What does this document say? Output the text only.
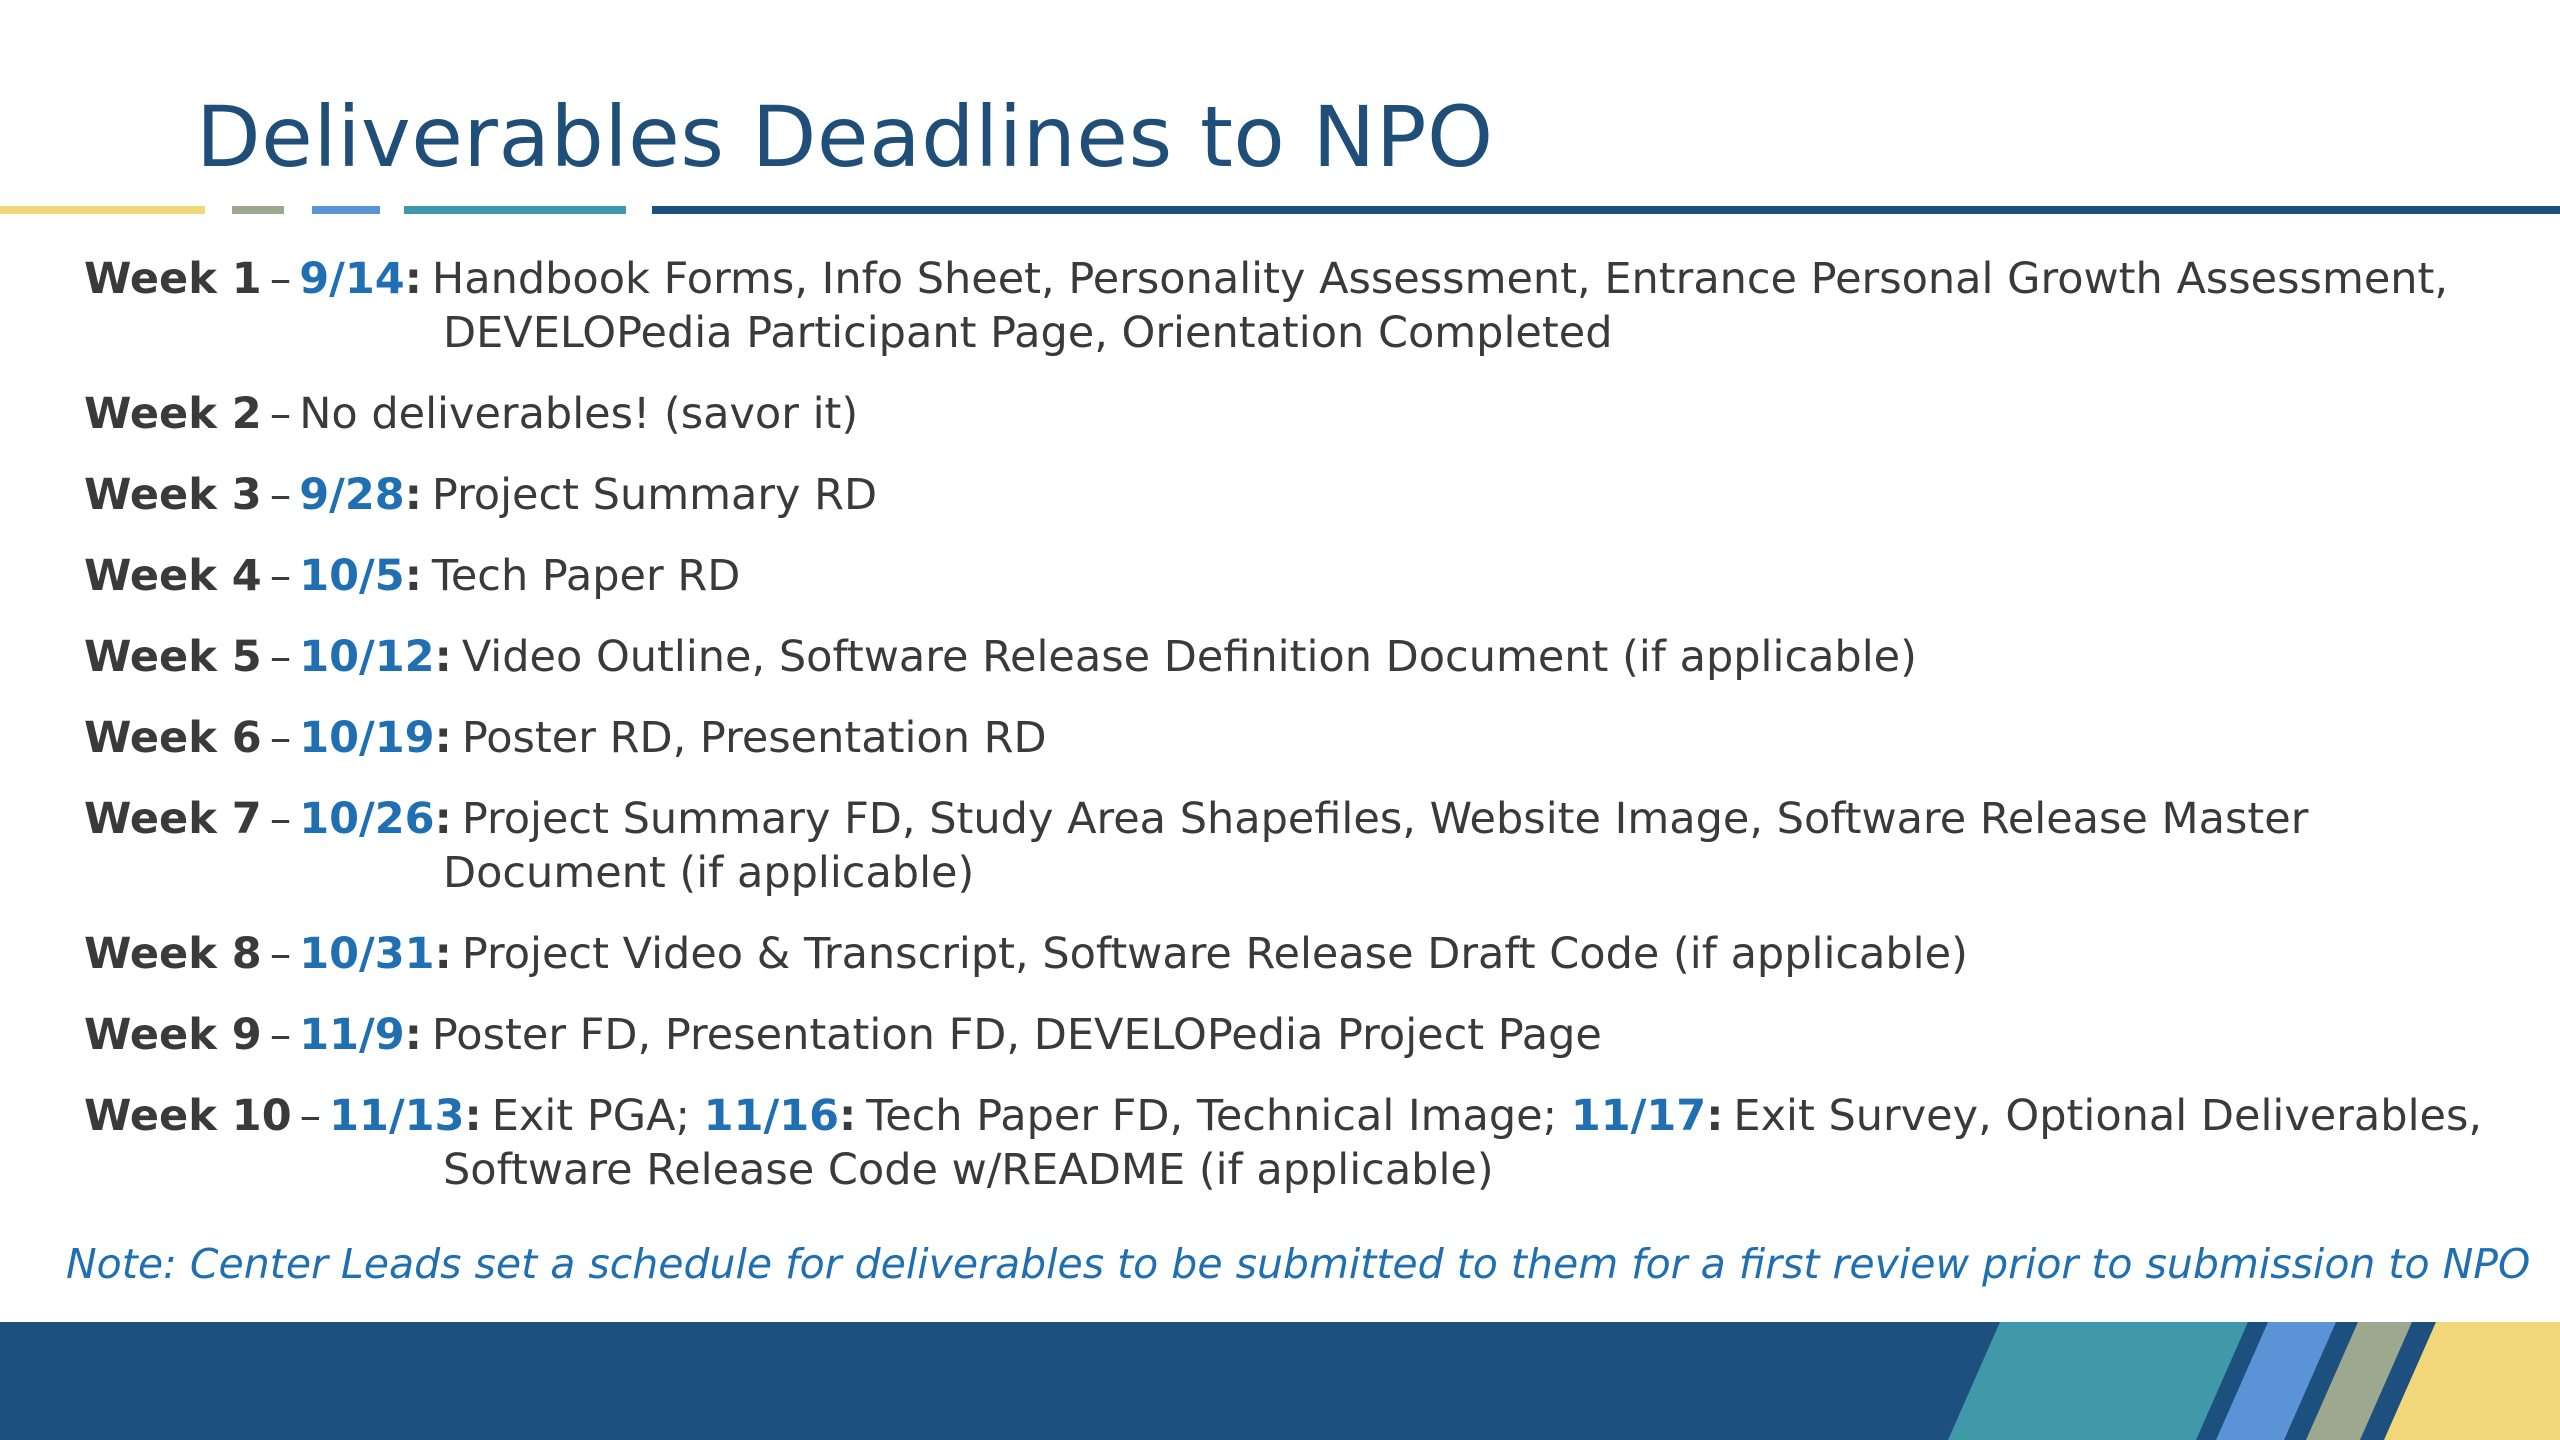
Deliverables Deadlines to NPO
Week 1 – 9/14: Handbook Forms, Info Sheet, Personality Assessment, Entrance Personal Growth Assessment,
DEVELOPedia Participant Page, Orientation Completed
Week 2 – No deliverables! (savor it)
Week 3 – 9/28: Project Summary RD
Week 4 – 10/5: Tech Paper RD
Week 5 – 10/12: Video Outline, Software Release Definition Document (if applicable)
Week 6 – 10/19: Poster RD, Presentation RD
Week 7 – 10/26: Project Summary FD, Study Area Shapefiles, Website Image, Software Release Master
Document (if applicable)
Week 8 – 10/31: Project Video & Transcript, Software Release Draft Code (if applicable)
Week 9 – 11/9: Poster FD, Presentation FD, DEVELOPedia Project Page
Week 10 – 11/13: Exit PGA; 11/16: Tech Paper FD, Technical Image; 11/17: Exit Survey, Optional Deliverables,
Software Release Code w/README (if applicable)
Note: Center Leads set a schedule for deliverables to be submitted to them for a first review prior to submission to NPO
